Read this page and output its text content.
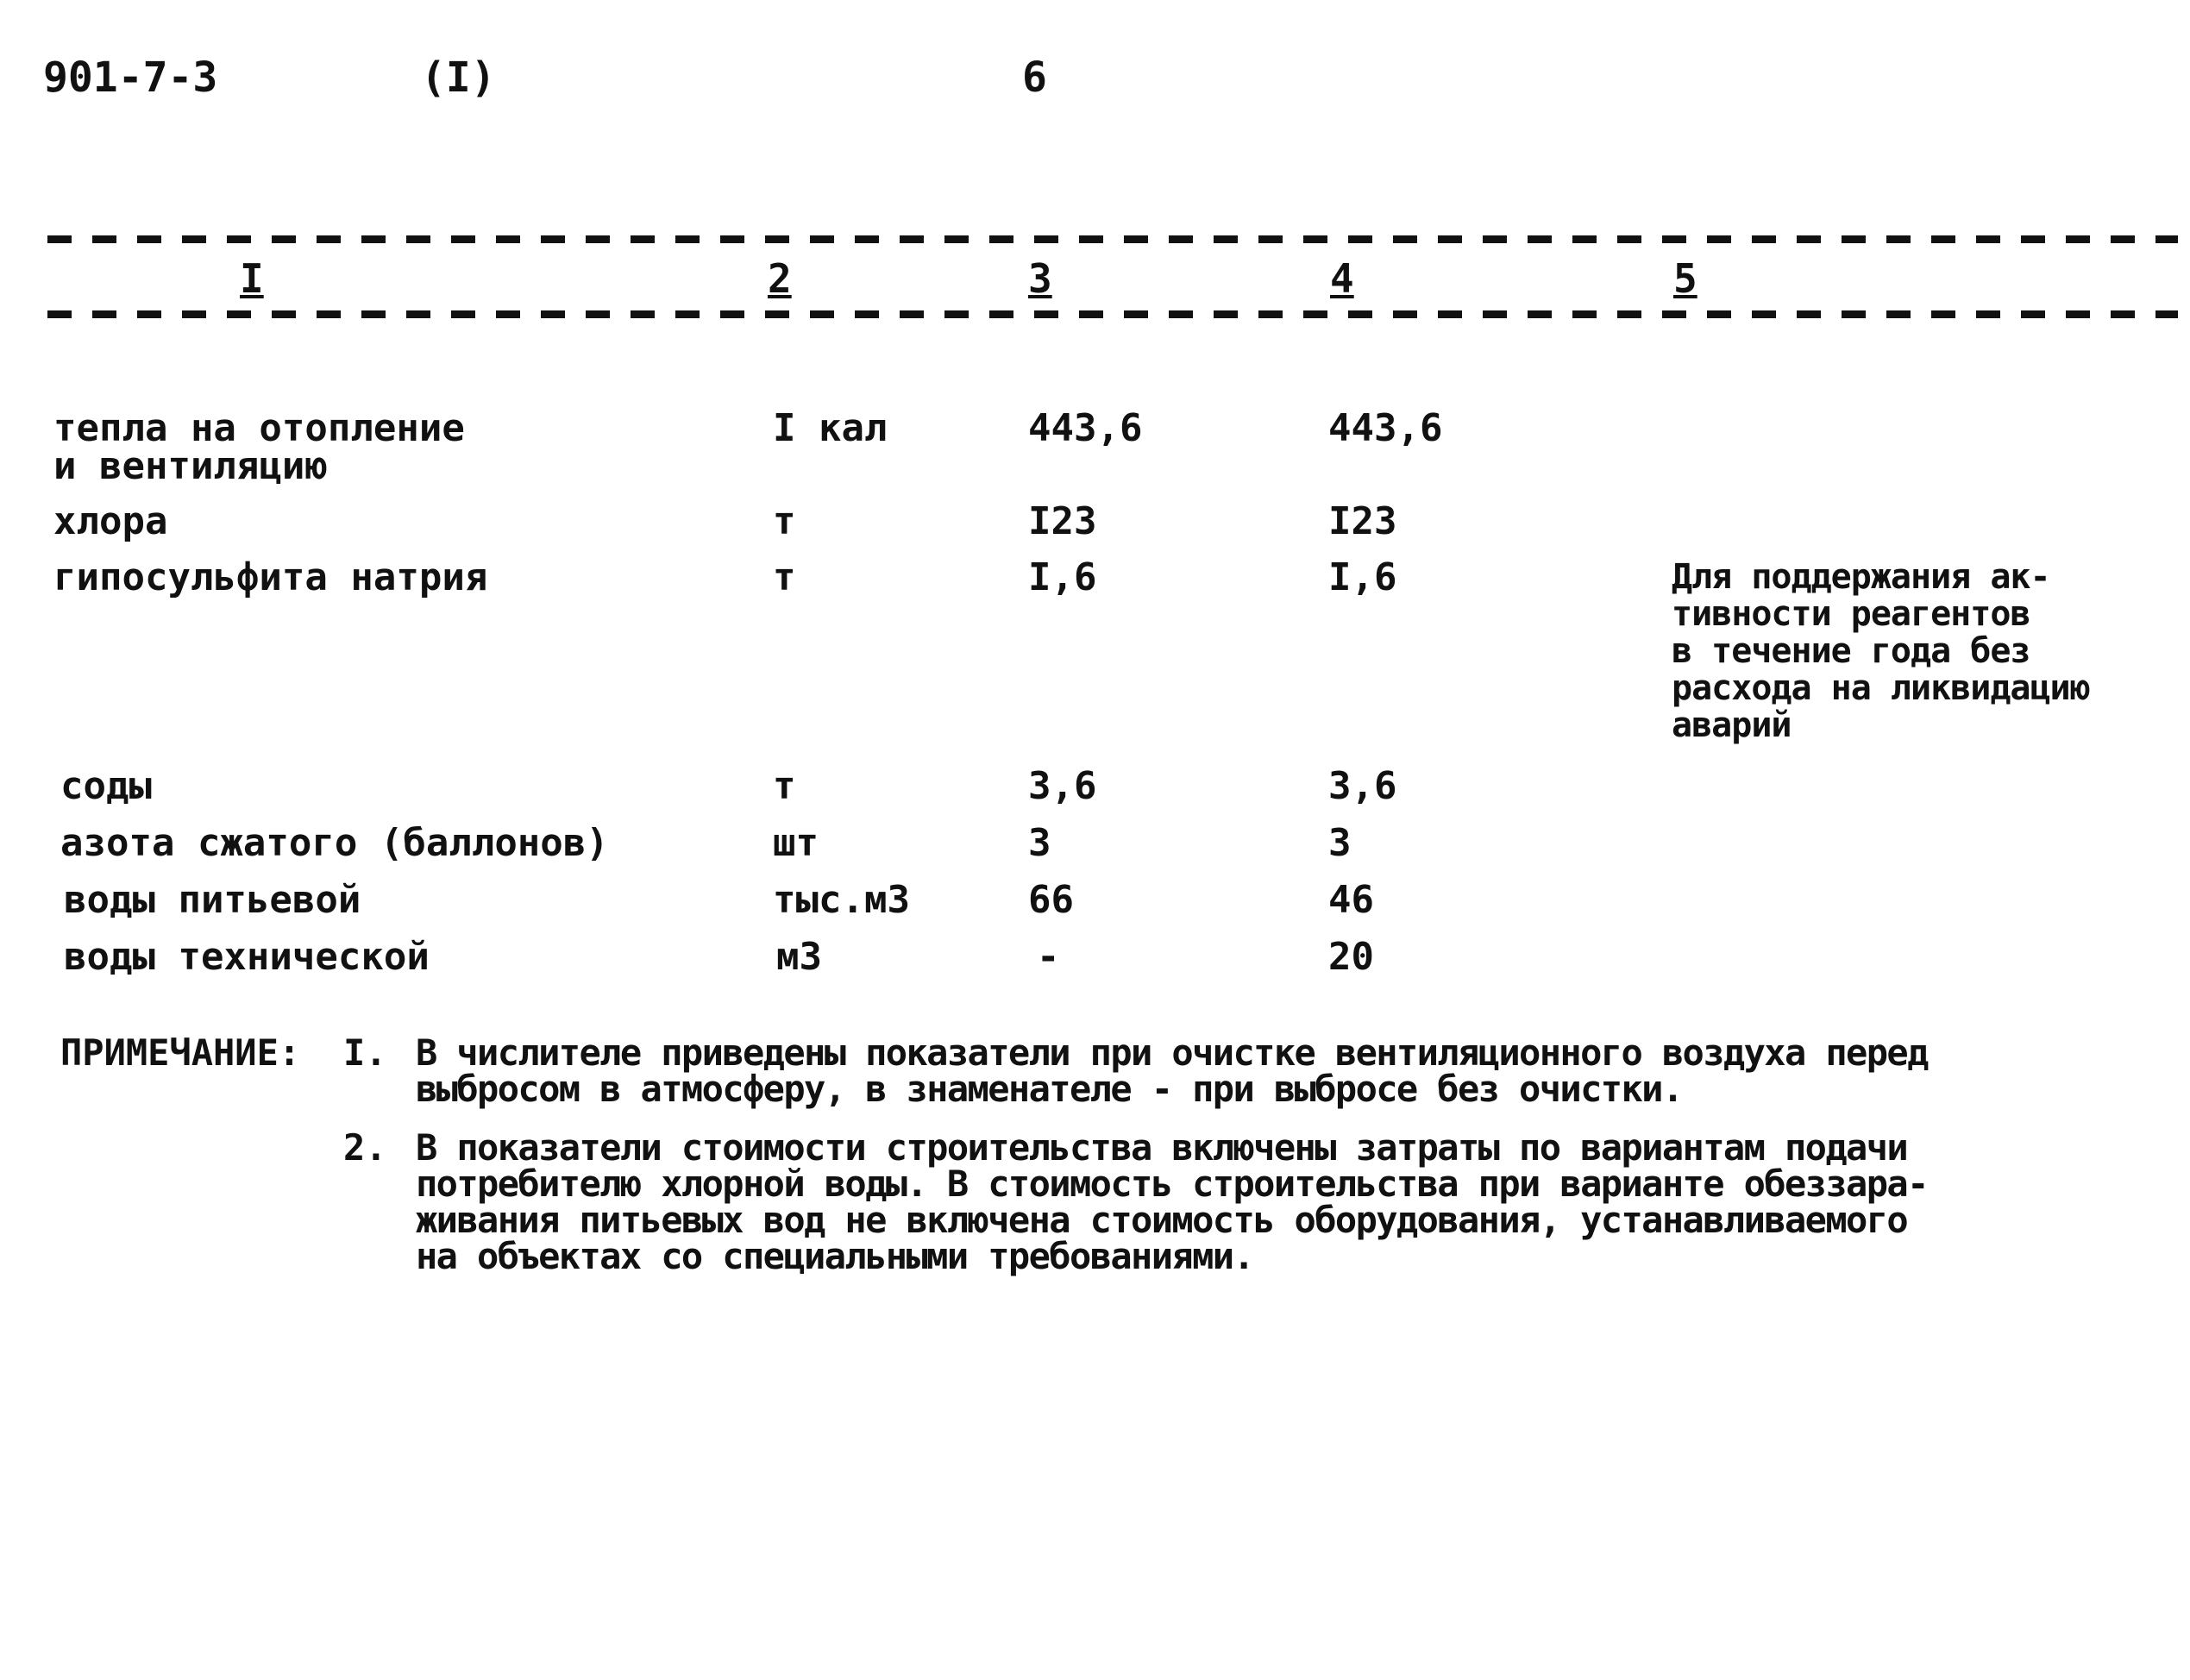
901-7-3	(I)	6
I	2	3	4	5
тепла на отопление
и вентиляцию
I кал	443,6	443,6
хлора	т	I23	I23
гипосульфита натрия	т	I,6	I,6	Для поддержания ак-
тивности реагентов
в течение года без
расхода на ликвидацию
аварий
соды	т	3,6	3,6
азота сжатого (баллонов)	шт	3	3
воды питьевой	тыс.м3	66	46
воды технической	м3	-	20
ПРИМЕЧАНИЕ: I. В числителе приведены показатели при очистке вентиляционного воздуха перед
выбросом в атмосферу, в знаменателе - при выбросе без очистки.
2. В показатели стоимости строительства включены затраты по вариантам подачи
потребителю хлорной воды. В стоимость строительства при варианте обеззара-
живания питьевых вод не включена стоимость оборудования, устанавливаемого
на объектах со специальными требованиями.
